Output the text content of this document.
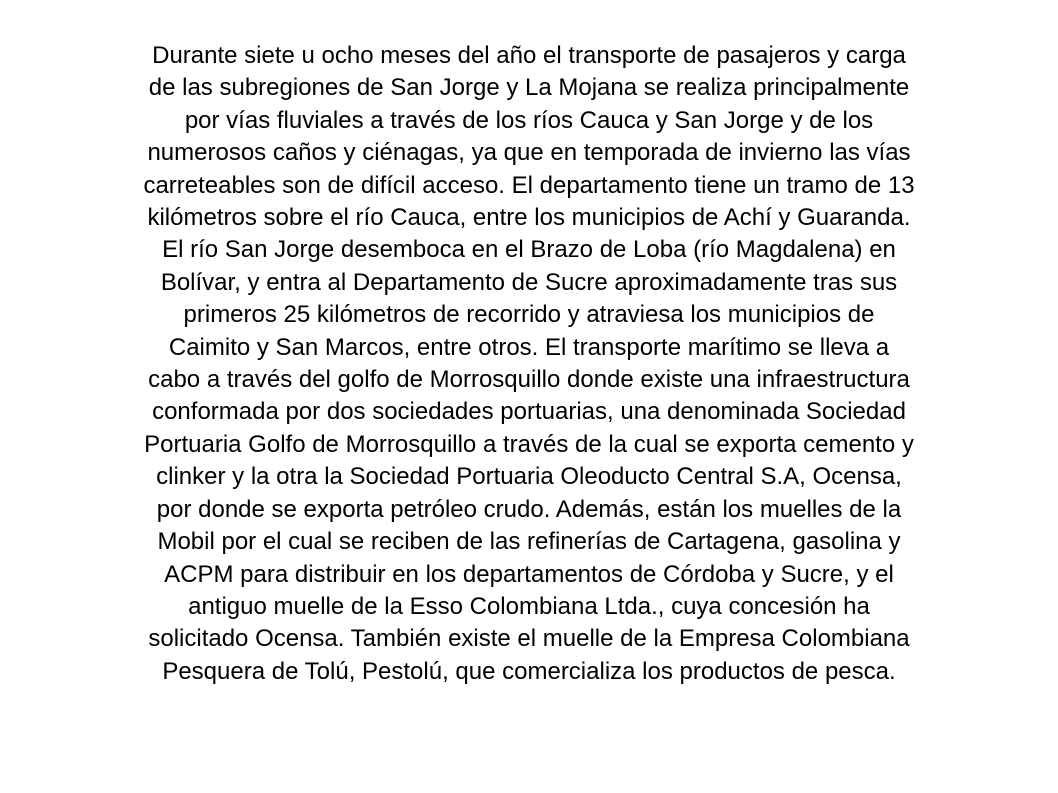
Durante siete u ocho meses del año el transporte de pasajeros y carga
de las subregiones de San Jorge y La Mojana se realiza principalmente
por vías fluviales a través de los ríos Cauca y San Jorge y de los
numerosos caños y ciénagas, ya que en temporada de invierno las vías
carreteables son de difícil acceso. El departamento tiene un tramo de 13
kilómetros sobre el río Cauca, entre los municipios de Achí y Guaranda.
El río San Jorge desemboca en el Brazo de Loba (río Magdalena) en
Bolívar, y entra al Departamento de Sucre aproximadamente tras sus
primeros 25 kilómetros de recorrido y atraviesa los municipios de
Caimito y San Marcos, entre otros. El transporte marítimo se lleva a
cabo a través del golfo de Morrosquillo donde existe una infraestructura
conformada por dos sociedades portuarias, una denominada Sociedad
Portuaria Golfo de Morrosquillo a través de la cual se exporta cemento y
clinker y la otra la Sociedad Portuaria Oleoducto Central S.A, Ocensa,
por donde se exporta petróleo crudo. Además, están los muelles de la
Mobil por el cual se reciben de las refinerías de Cartagena, gasolina y
ACPM para distribuir en los departamentos de Córdoba y Sucre, y el
antiguo muelle de la Esso Colombiana Ltda., cuya concesión ha
solicitado Ocensa. También existe el muelle de la Empresa Colombiana
Pesquera de Tolú, Pestolú, que comercializa los productos de pesca.
